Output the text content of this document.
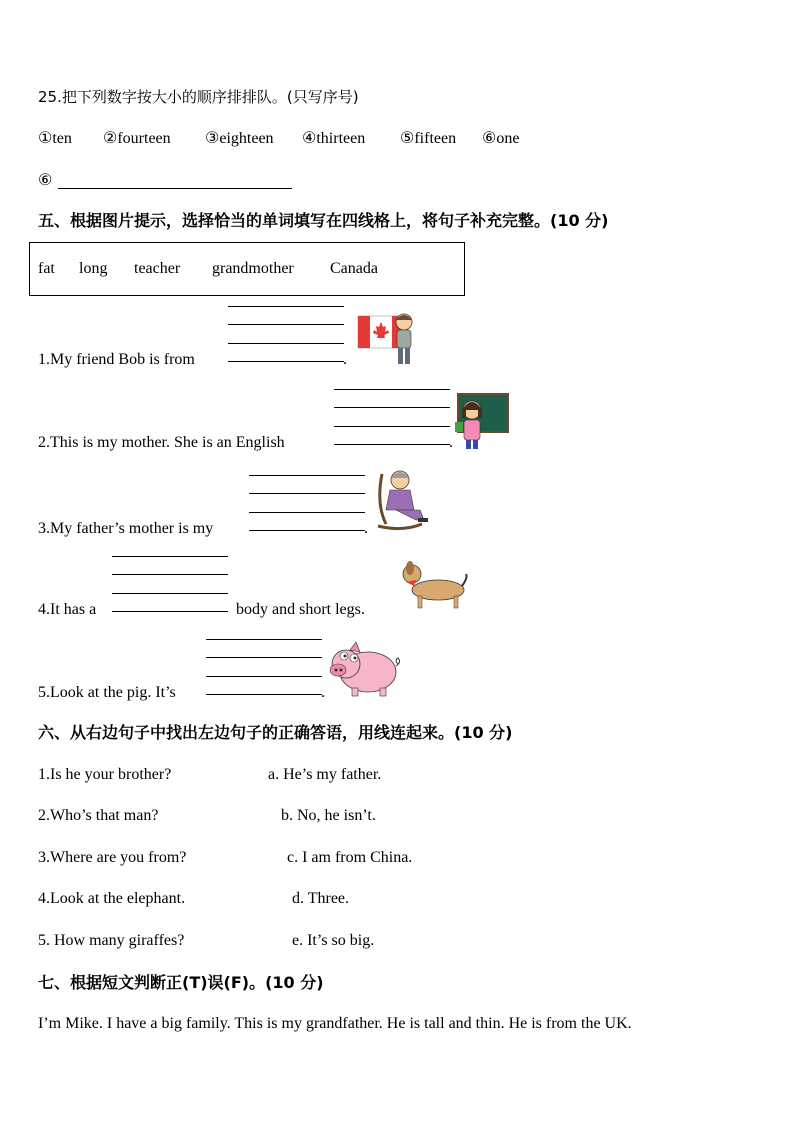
25.把下列数字按大小的顺序排排队。(只写序号)
①ten ②fourteen ③eighteen ④thirteen ⑤fifteen ⑥one
⑥
五、根据图片提示，选择恰当的单词填写在四线格上，将句子补充完整。(10 分)
fat long teacher grandmother Canada
1.My friend Bob is from	.
2.This is my mother. She is an English	.
3.My father’s mother is my	.
4.It has a	body and short legs.
5.Look at the pig. It’s	.
六、从右边句子中找出左边句子的正确答语，用线连起来。(10 分)
1.Is he your brother?	a. He’s my father.
2.Who’s that man?	b. No, he isn’t.
3.Where are you from?	c. I am from China.
4.Look at the elephant.	d. Three.
5. How many giraffes?	e. It’s so big.
七、根据短文判断正(T)误(F)。(10 分)
I’m Mike. I have a big family. This is my grandfather. He is tall and thin. He is from the UK.
